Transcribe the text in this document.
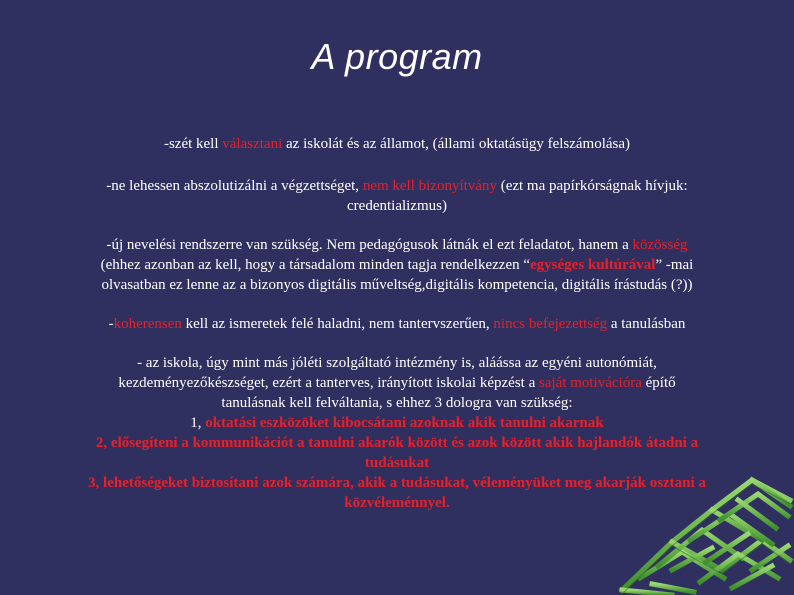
A program

-szét kell választani az iskolát és az államot, (állami oktatásügy felszámolása)

-ne lehessen abszolutizálni a végzettséget, nem kell bizonyítvány (ezt ma papírkórságnak hívjuk:
credentializmus)

-új nevelési rendszerre van szükség. Nem pedagógusok látnák el ezt feladatot, hanem a közösség
(ehhez azonban az kell, hogy a társadalom minden tagja rendelkezzen “egységes kultúrával” -mai
olvasatban ez lenne az a bizonyos digitális műveltség,digitális kompetencia, digitális írástudás (?))

-koherensen kell az ismeretek felé haladni, nem tantervszerűen, nincs befejezettség a tanulásban

- az iskola, úgy mint más jóléti szolgáltató intézmény is, aláássa az egyéni autonómiát,
kezdeményezőkészséget, ezért a tanterves, irányított iskolai képzést a saját motivációra építő
tanulásnak kell felváltania, s ehhez 3 dologra van szükség:
1, oktatási eszközöket kibocsátani azoknak akik tanulni akarnak
2, elősegíteni a kommunikációt a tanulni akarók között és azok között akik hajlandók átadni a
tudásukat
3, lehetőségeket biztosítani azok számára, akik a tudásukat, véleményüket meg akarják osztani a
közvéleménnyel.
